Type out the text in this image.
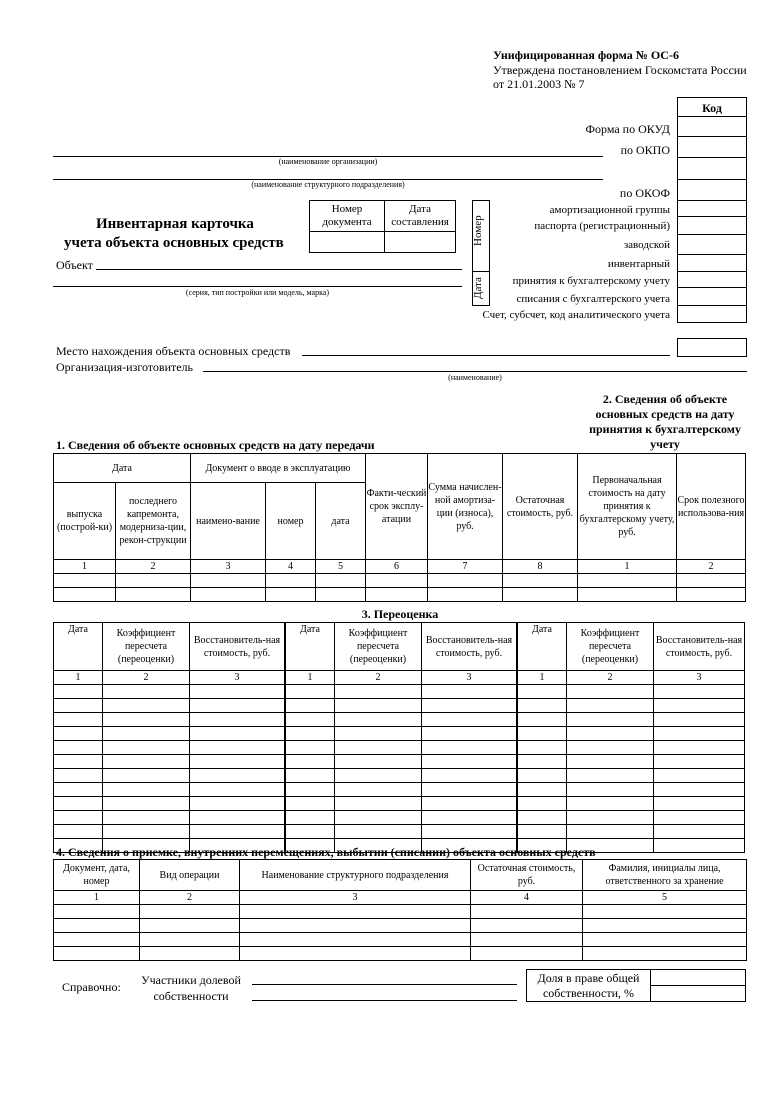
Унифицированная форма № ОС-6
Утверждена постановлением Госкомстата России
от 21.01.2003 № 7
Код
Форма по ОКУД
по ОКПО
по ОКОФ
(наименование организации)
(наименование структурного подразделения)
Инвентарная карточка
учета объекта основных средств
Номер документа	Дата составления
	Номер
Дата
амортизационной группы
паспорта (регистрационный)
заводской
инвентарный
принятия к бухгалтерскому учету
списания с бухгалтерского учета
Счет, субсчет, код аналитического учета
Объект
(серия, тип постройки или модель, марка)
Место нахождения объекта основных средств
Организация-изготовитель
(наименование)
1. Сведения об объекте основных средств на дату передачи
2. Сведения об объекте основных средств на дату принятия к бухгалтерскому учету
Дата		Документ о вводе в эксплуатацию			Факти-ческий срок эксплу-атации	Сумма начислен-ной амортиза-ции (износа), руб.	Остаточная стоимость, руб.	Первоначальная стоимость на дату принятия к бухгалтерскому учету, руб.	Срок полезного использова-ния
выпуска (построй-ки)	последнего капремонта, модерниза-ции, рекон-струкции	наимено-вание	номер	дата					
1	2	3	4	5	6	7	8	1	2

3. Переоценка
Дата	Коэффициент пересчета (переоценки)	Восстановитель-ная стоимость, руб.	Дата	Коэффициент пересчета (переоценки)	Восстановитель-ная стоимость, руб.	Дата	Коэффициент пересчета (переоценки)	Восстановитель-ная стоимость, руб.
1	2	3	1	2	3	1	2	3

4. Сведения о приемке, внутренних перемещениях, выбытии (списании) объекта основных средств
Документ, дата, номер	Вид операции	Наименование структурного подразделения	Остаточная стоимость, руб.	Фамилия, инициалы лица, ответственного за хранение
1	2	3	4	5

Справочно:	Участники долевой собственности
Доля в праве общей собственности, %
